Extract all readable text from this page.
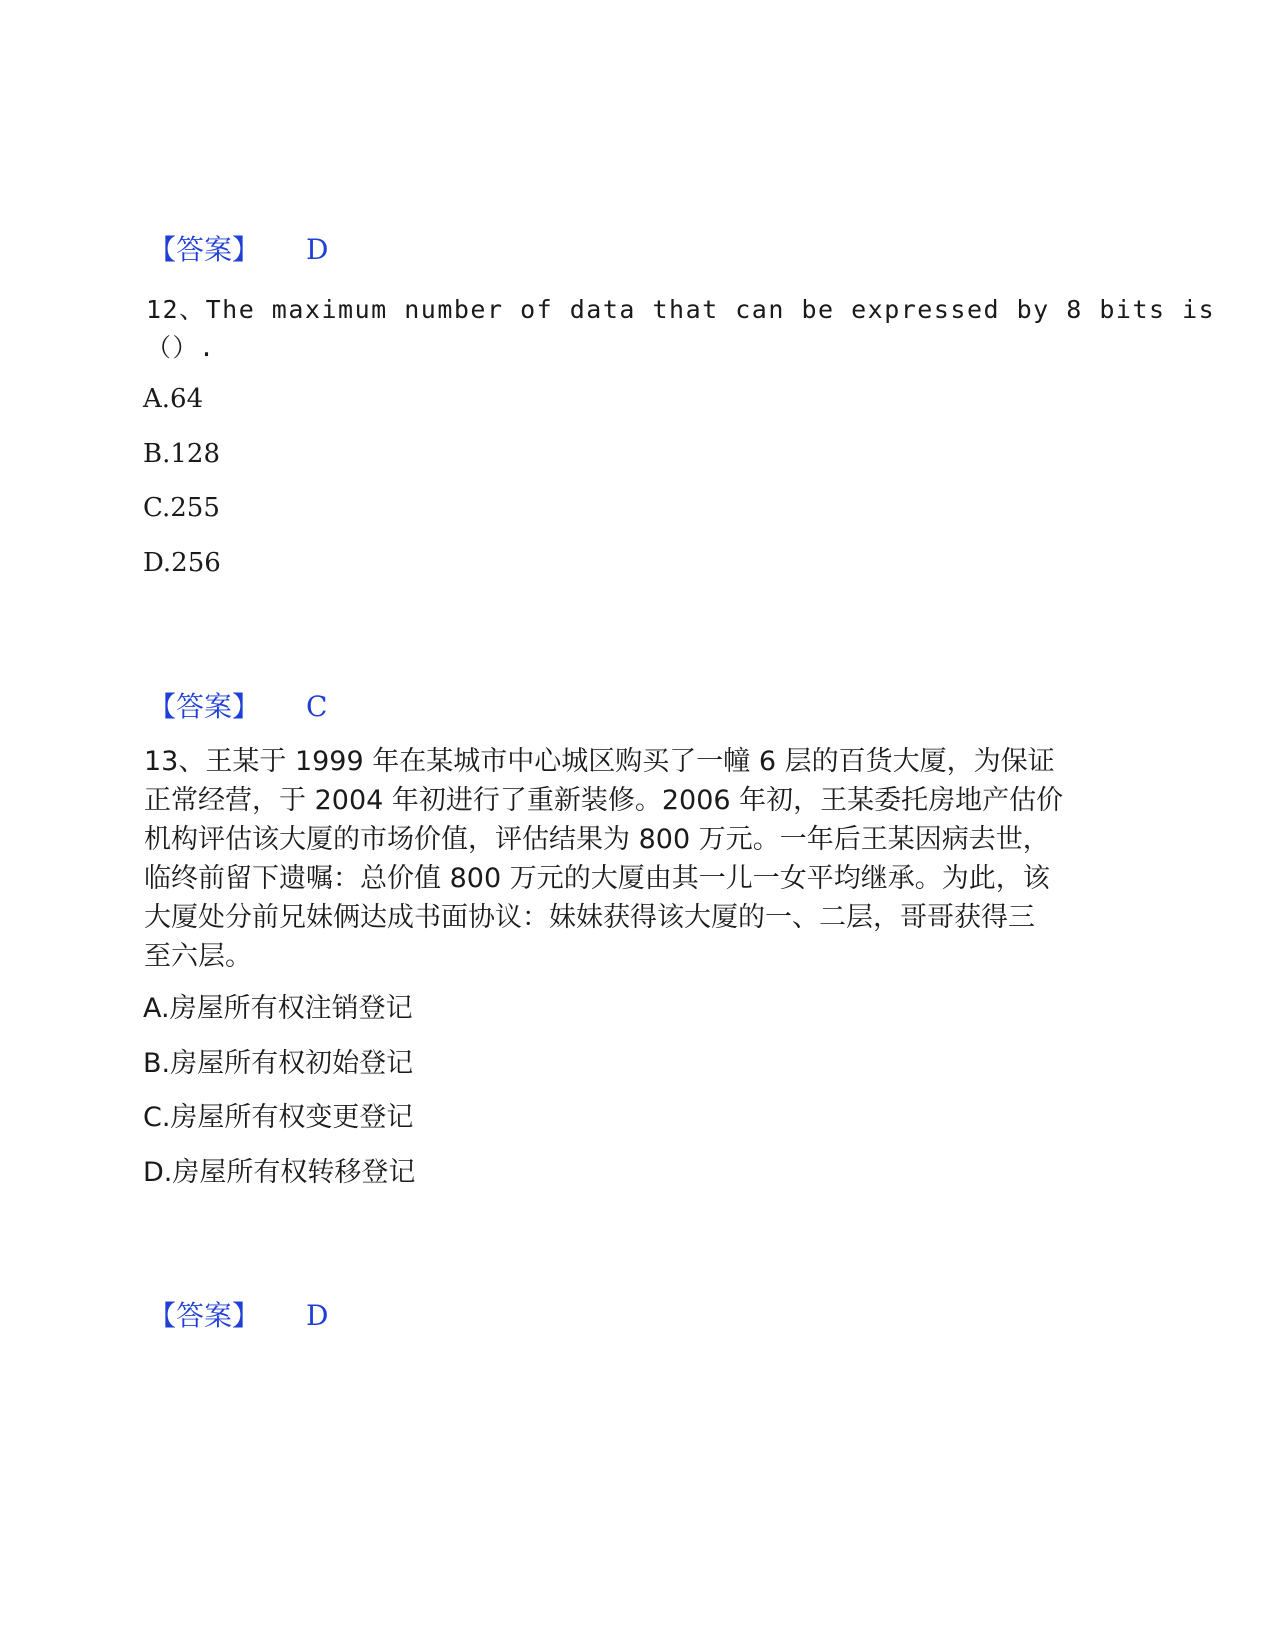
【答案】 D
12、The maximum number of data that can be expressed by 8 bits is
（）.
A.64
B.128
C.255
D.256
【答案】 C
13、王某于 1999 年在某城市中心城区购买了一幢 6 层的百货大厦，为保证
正常经营，于 2004 年初进行了重新装修。2006 年初，王某委托房地产估价
机构评估该大厦的市场价值，评估结果为 800 万元。一年后王某因病去世，
临终前留下遗嘱：总价值 800 万元的大厦由其一儿一女平均继承。为此，该
大厦处分前兄妹俩达成书面协议：妹妹获得该大厦的一、二层，哥哥获得三
至六层。
A.房屋所有权注销登记
B.房屋所有权初始登记
C.房屋所有权变更登记
D.房屋所有权转移登记
【答案】 D
